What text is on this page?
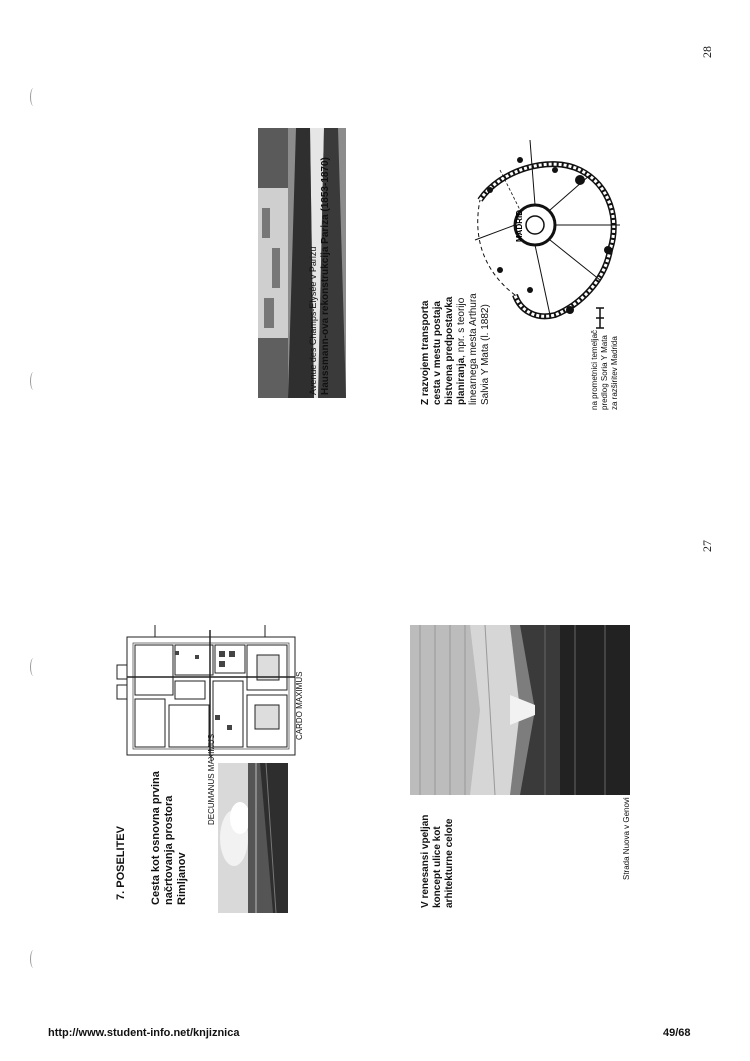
28
27
7. POSELITEV Cesta kot osnovna prvina načrtovanja prostora Rimljanov
DECUMANUS MAXIMUS
CARDO MAXIMUS
V renesansi vpeljan koncept ulice kot arhitekturne celote	Strada Nuova v Genovi
Avenue des Champs-Elysée v Parizu Haussmann-ova rekonstrukcija Pariza (1853-1870)	Z razvojem transporta cesta v mestu postaja bistvena predpostavka planiranja, npr. s teorijo linearnega mesta Arthura Salvia Y Mata (l. 1882)
MADRID
na prometnici temeljač predlog Soria Y Mata za razširitev Madrida
http://www.student-info.net/knjiznica	49/68
